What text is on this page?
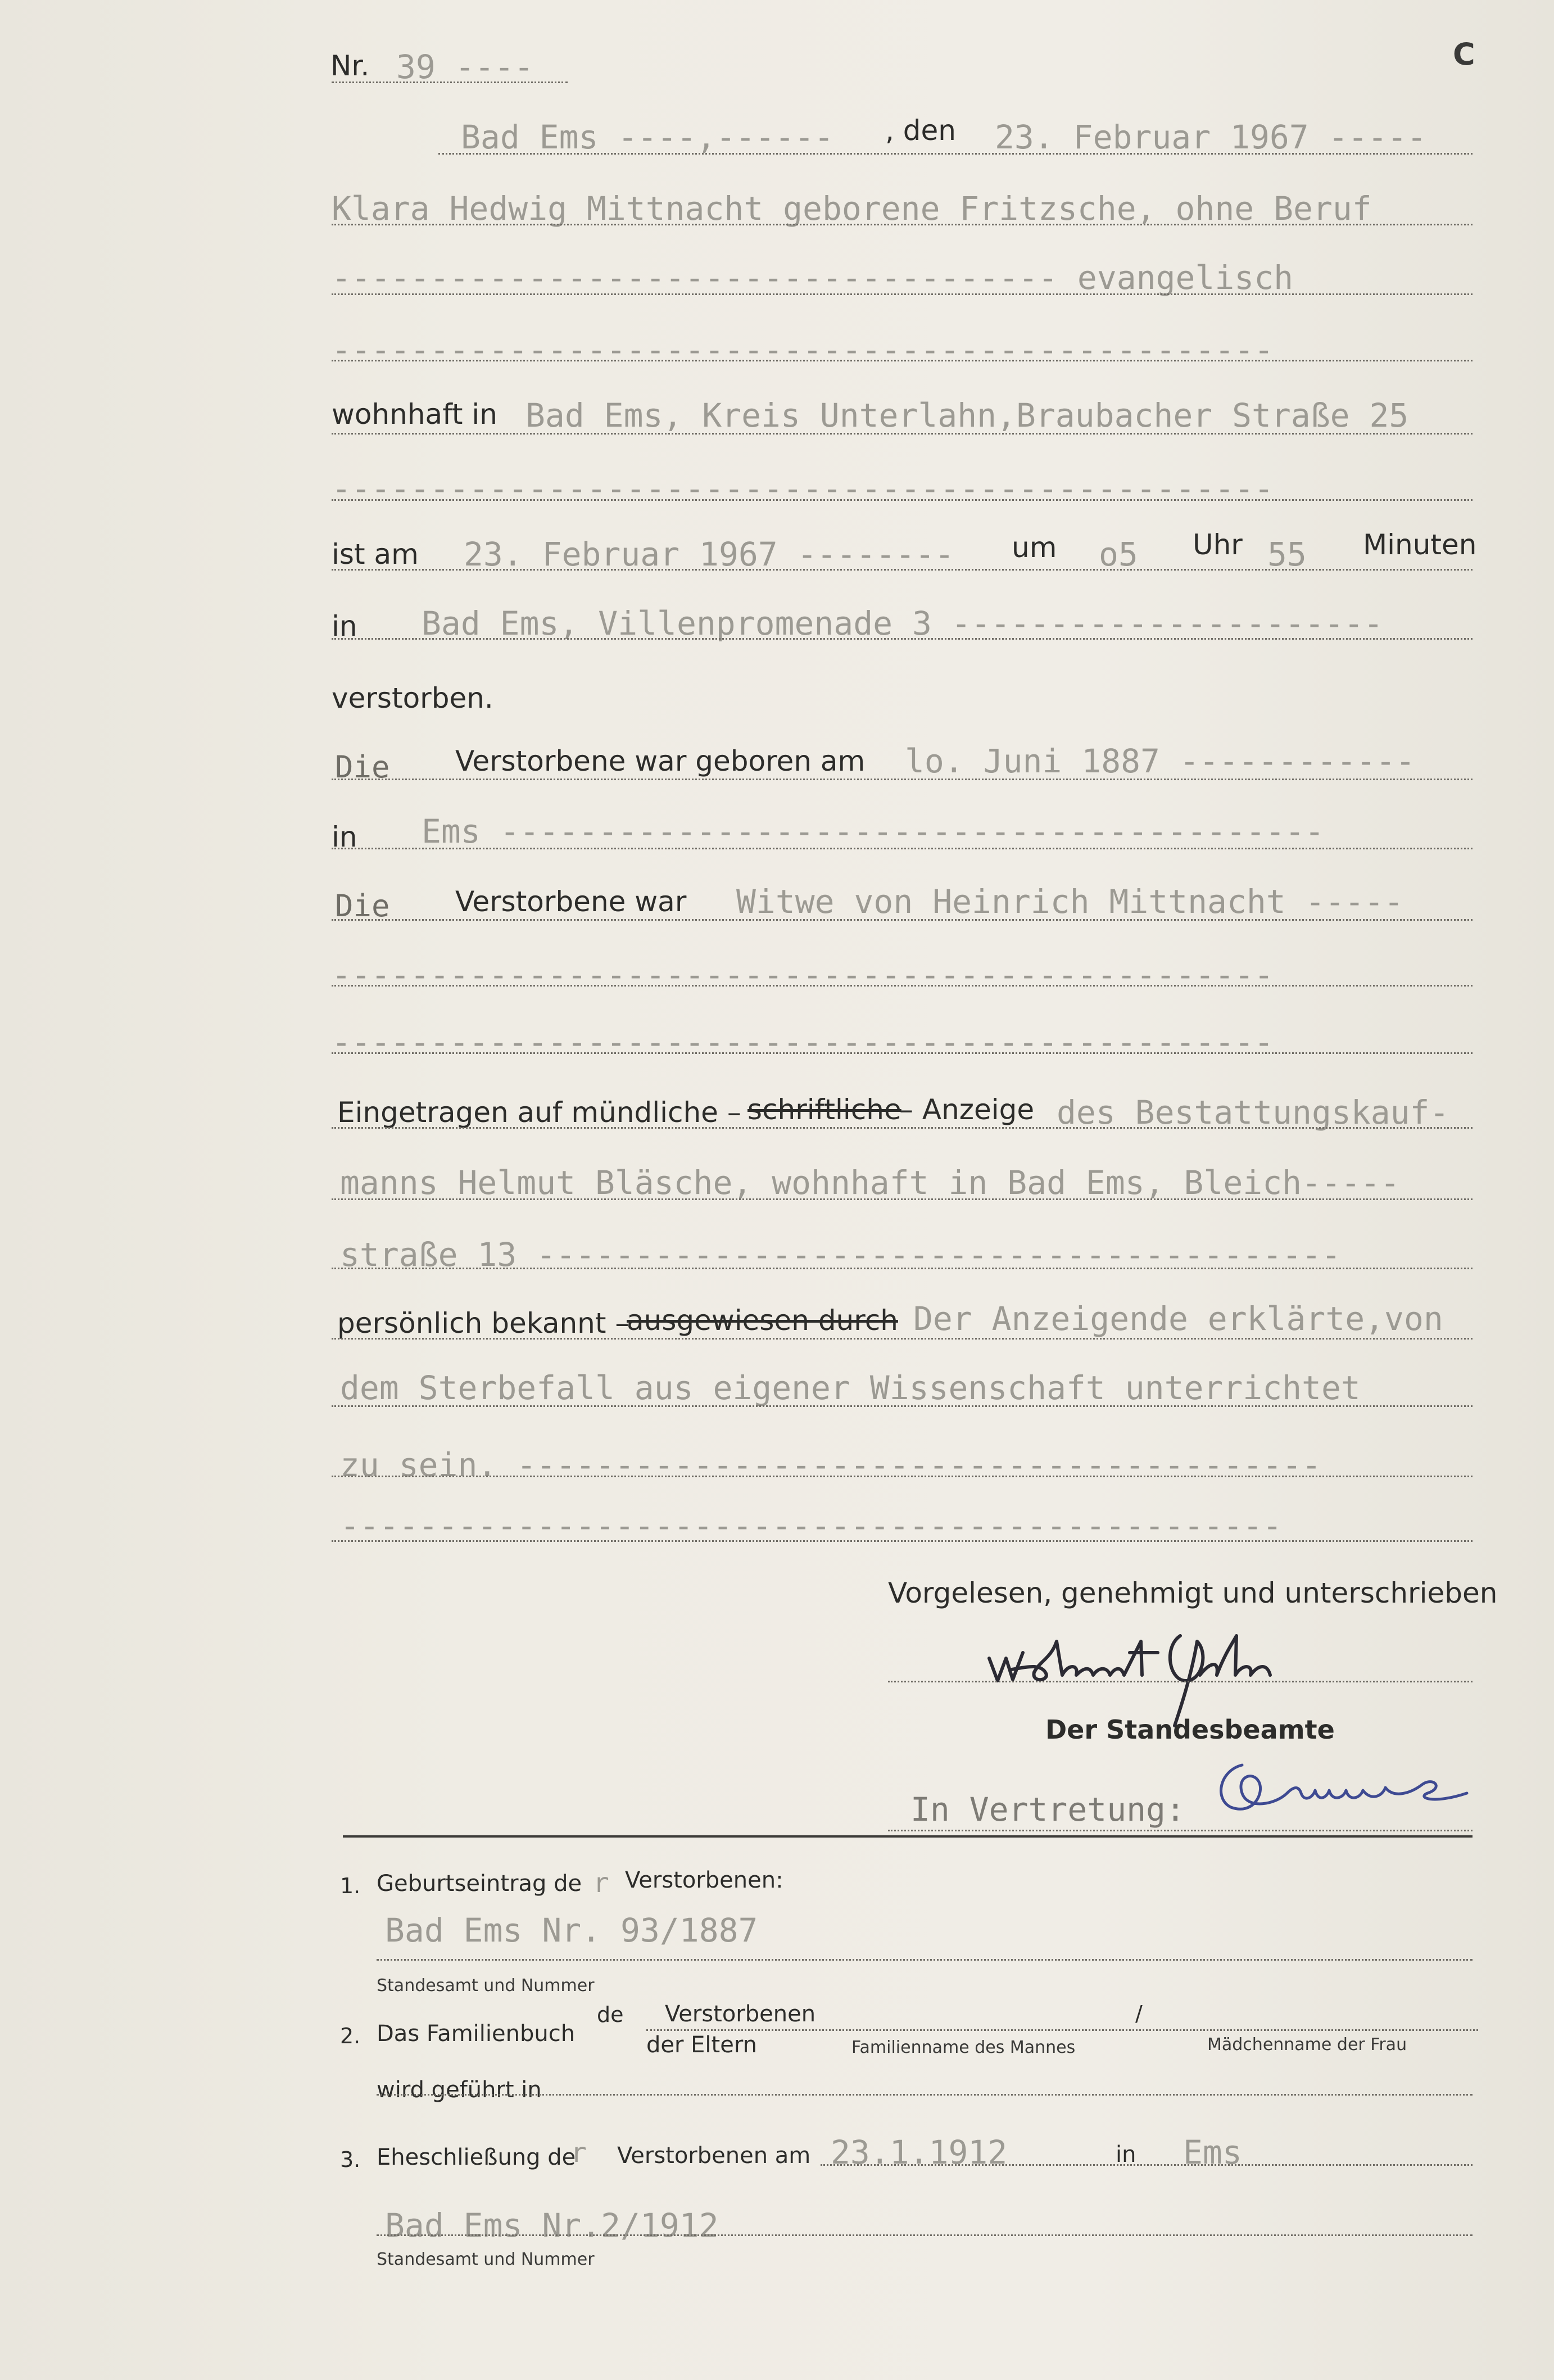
C
Nr. 39 ----
Bad Ems ----,------ , den 23. Februar 1967 -----
Klara Hedwig Mittnacht geborene Fritzsche, ohne Beruf
------------------------------------- evangelisch
------------------------------------------------
wohnhaft in Bad Ems, Kreis Unterlahn,Braubacher Straße 25
------------------------------------------------
ist am 23. Februar 1967 -------- um o5 Uhr 55 Minuten
in Bad Ems, Villenpromenade 3 ----------------------
verstorben.
Die Verstorbene war geboren am lo. Juni 1887 ------------
in Ems ------------------------------------------
Die Verstorbene war Witwe von Heinrich Mittnacht -----
------------------------------------------------
------------------------------------------------
Eingetragen auf mündliche – schriftliche
– Anzeige des Bestattungskauf-
manns Helmut Bläsche, wohnhaft in Bad Ems, Bleich-----
straße 13 -----------------------------------------
persönlich bekannt –
ausgewiesen durch Der Anzeigende erklärte,von
dem Sterbefall aus eigener Wissenschaft unterrichtet
zu sein. -----------------------------------------
------------------------------------------------
Vorgelesen, genehmigt und unterschrieben
Der Standesbeamte
In Vertretung:
1. Geburtseintrag de r Verstorbenen:
Bad Ems Nr. 93/1887
Standesamt und Nummer
2. Das Familienbuch
de Verstorbenen	/
der Eltern	Familienname des Mannes	Mädchenname der Frau
wird geführt in
3. Eheschließung de
r Verstorbenen am 23.1.1912	in Ems
Bad Ems Nr.2/1912
Standesamt und Nummer
